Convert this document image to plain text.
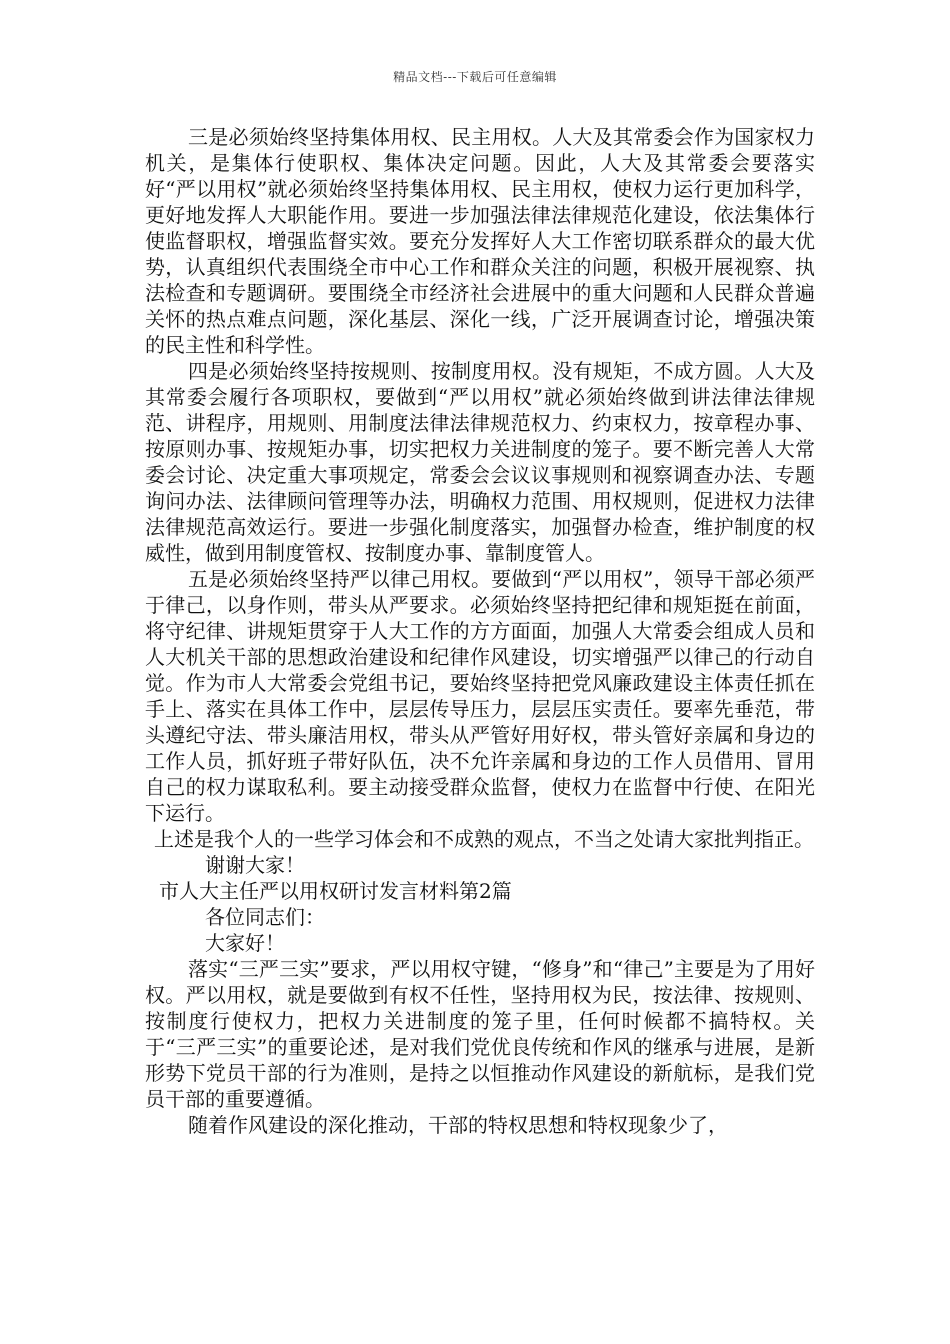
精品文档---下载后可任意编辑

三是必须始终坚持集体用权、民主用权。人大及其常委会作为国家权力机关，是集体行使职权、集体决定问题。因此，人大及其常委会要落实好“严以用权”就必须始终坚持集体用权、民主用权，使权力运行更加科学，更好地发挥人大职能作用。要进一步加强法律法律规范化建设，依法集体行使监督职权，增强监督实效。要充分发挥好人大工作密切联系群众的最大优势，认真组织代表围绕全市中心工作和群众关注的问题，积极开展视察、执法检查和专题调研。要围绕全市经济社会进展中的重大问题和人民群众普遍关怀的热点难点问题，深化基层、深化一线，广泛开展调查讨论，增强决策的民主性和科学性。

四是必须始终坚持按规则、按制度用权。没有规矩，不成方圆。人大及其常委会履行各项职权，要做到“严以用权”就必须始终做到讲法律法律规范、讲程序，用规则、用制度法律法律规范权力、约束权力，按章程办事、按原则办事、按规矩办事，切实把权力关进制度的笼子。要不断完善人大常委会讨论、决定重大事项规定，常委会会议议事规则和视察调查办法、专题询问办法、法律顾问管理等办法，明确权力范围、用权规则，促进权力法律法律规范高效运行。要进一步强化制度落实，加强督办检查，维护制度的权威性，做到用制度管权、按制度办事、靠制度管人。

五是必须始终坚持严以律己用权。要做到“严以用权”，领导干部必须严于律己，以身作则，带头从严要求。必须始终坚持把纪律和规矩挺在前面，将守纪律、讲规矩贯穿于人大工作的方方面面，加强人大常委会组成人员和人大机关干部的思想政治建设和纪律作风建设，切实增强严以律己的行动自觉。作为市人大常委会党组书记，要始终坚持把党风廉政建设主体责任抓在手上、落实在具体工作中，层层传导压力，层层压实责任。要率先垂范，带头遵纪守法、带头廉洁用权，带头从严管好用好权，带头管好亲属和身边的工作人员，抓好班子带好队伍，决不允许亲属和身边的工作人员借用、冒用自己的权力谋取私利。要主动接受群众监督，使权力在监督中行使、在阳光下运行。

上述是我个人的一些学习体会和不成熟的观点，不当之处请大家批判指正。

谢谢大家！

市人大主任严以用权研讨发言材料第2篇

各位同志们：

大家好！

落实“三严三实”要求，严以用权守键，“修身”和“律己”主要是为了用好权。严以用权，就是要做到有权不任性，坚持用权为民，按法律、按规则、按制度行使权力，把权力关进制度的笼子里，任何时候都不搞特权。关于“三严三实”的重要论述，是对我们党优良传统和作风的继承与进展，是新形势下党员干部的行为准则，是持之以恒推动作风建设的新航标，是我们党员干部的重要遵循。

随着作风建设的深化推动，干部的特权思想和特权现象少了，
